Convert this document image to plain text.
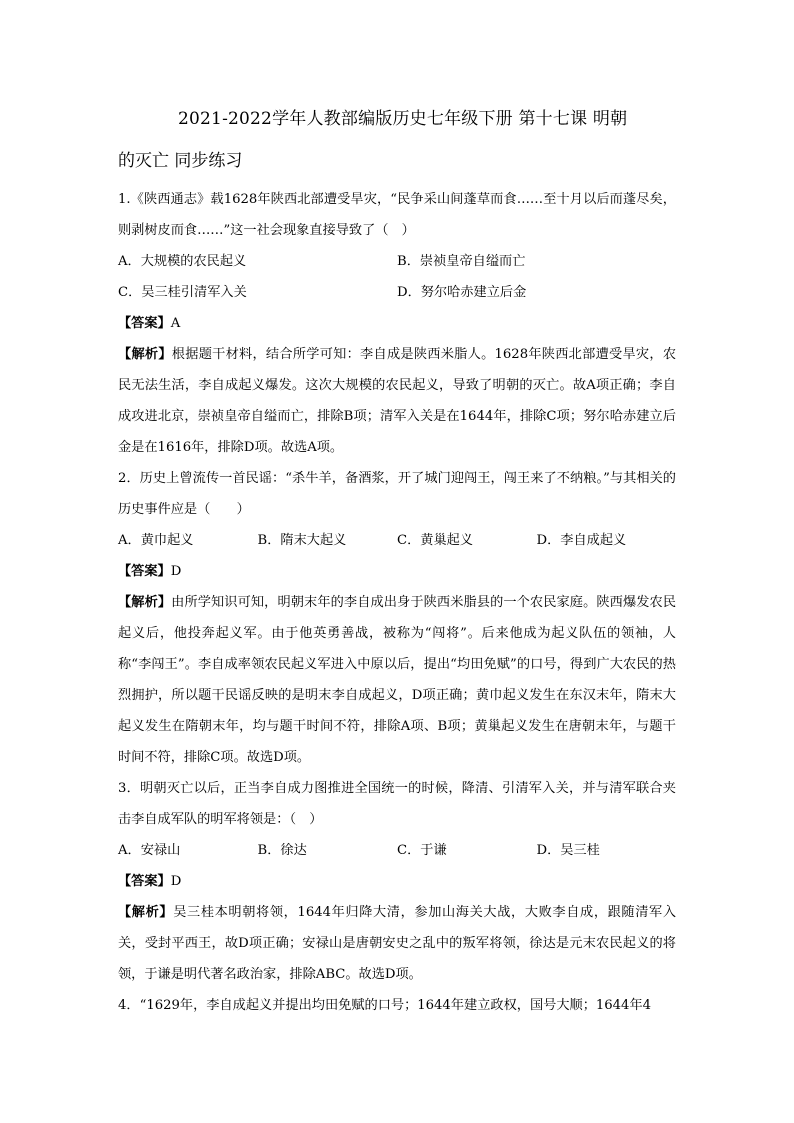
2021-2022学年人教部编版历史七年级下册 第十七课 明朝
的灭亡 同步练习

1.《陕西通志》载1628年陕西北部遭受旱灾，“民争采山间蓬草而食……至十月以后而蓬尽矣，则剥树皮而食……”这一社会现象直接导致了（　）

A．大规模的农民起义	B．崇祯皇帝自缢而亡
C．吴三桂引清军入关	D．努尔哈赤建立后金
【答案】 A

【解析】根据题干材料，结合所学可知：李自成是陕西米脂人。1628年陕西北部遭受旱灾，农民无法生活，李自成起义爆发。这次大规模的农民起义，导致了明朝的灭亡。故A项正确；李自成攻进北京，崇祯皇帝自缢而亡，排除B项；清军入关是在1644年，排除C项；努尔哈赤建立后金是在1616年，排除D项。故选A项。

2．历史上曾流传一首民谣：“杀牛羊，备酒浆，开了城门迎闯王，闯王来了不纳粮。”与其相关的历史事件应是（　　）

A．黄巾起义	B．隋末大起义	C．黄巢起义	D．李自成起义
【答案】 D

【解析】由所学知识可知，明朝末年的李自成出身于陕西米脂县的一个农民家庭。陕西爆发农民起义后，他投奔起义军。由于他英勇善战，被称为“闯将”。后来他成为起义队伍的领袖，人称“李闯王”。李自成率领农民起义军进入中原以后，提出“均田免赋”的口号，得到广大农民的热烈拥护，所以题干民谣反映的是明末李自成起义，D项正确；黄巾起义发生在东汉末年，隋末大起义发生在隋朝末年，均与题干时间不符，排除A项、B项；黄巢起义发生在唐朝末年，与题干时间不符，排除C项。故选D项。

3．明朝灭亡以后，正当李自成力图推进全国统一的时候，降清、引清军入关，并与清军联合夹击李自成军队的明军将领是：（　）

A．安禄山	B．徐达	C．于谦	D．吴三桂
【答案】 D

【解析】吴三桂本明朝将领，1644年归降大清，参加山海关大战，大败李自成，跟随清军入关，受封平西王，故D项正确；安禄山是唐朝安史之乱中的叛军将领，徐达是元末农民起义的将领，于谦是明代著名政治家，排除ABC。故选D项。

4．“1629年，李自成起义并提出均田免赋的口号；1644年建立政权，国号大顺；1644年4
